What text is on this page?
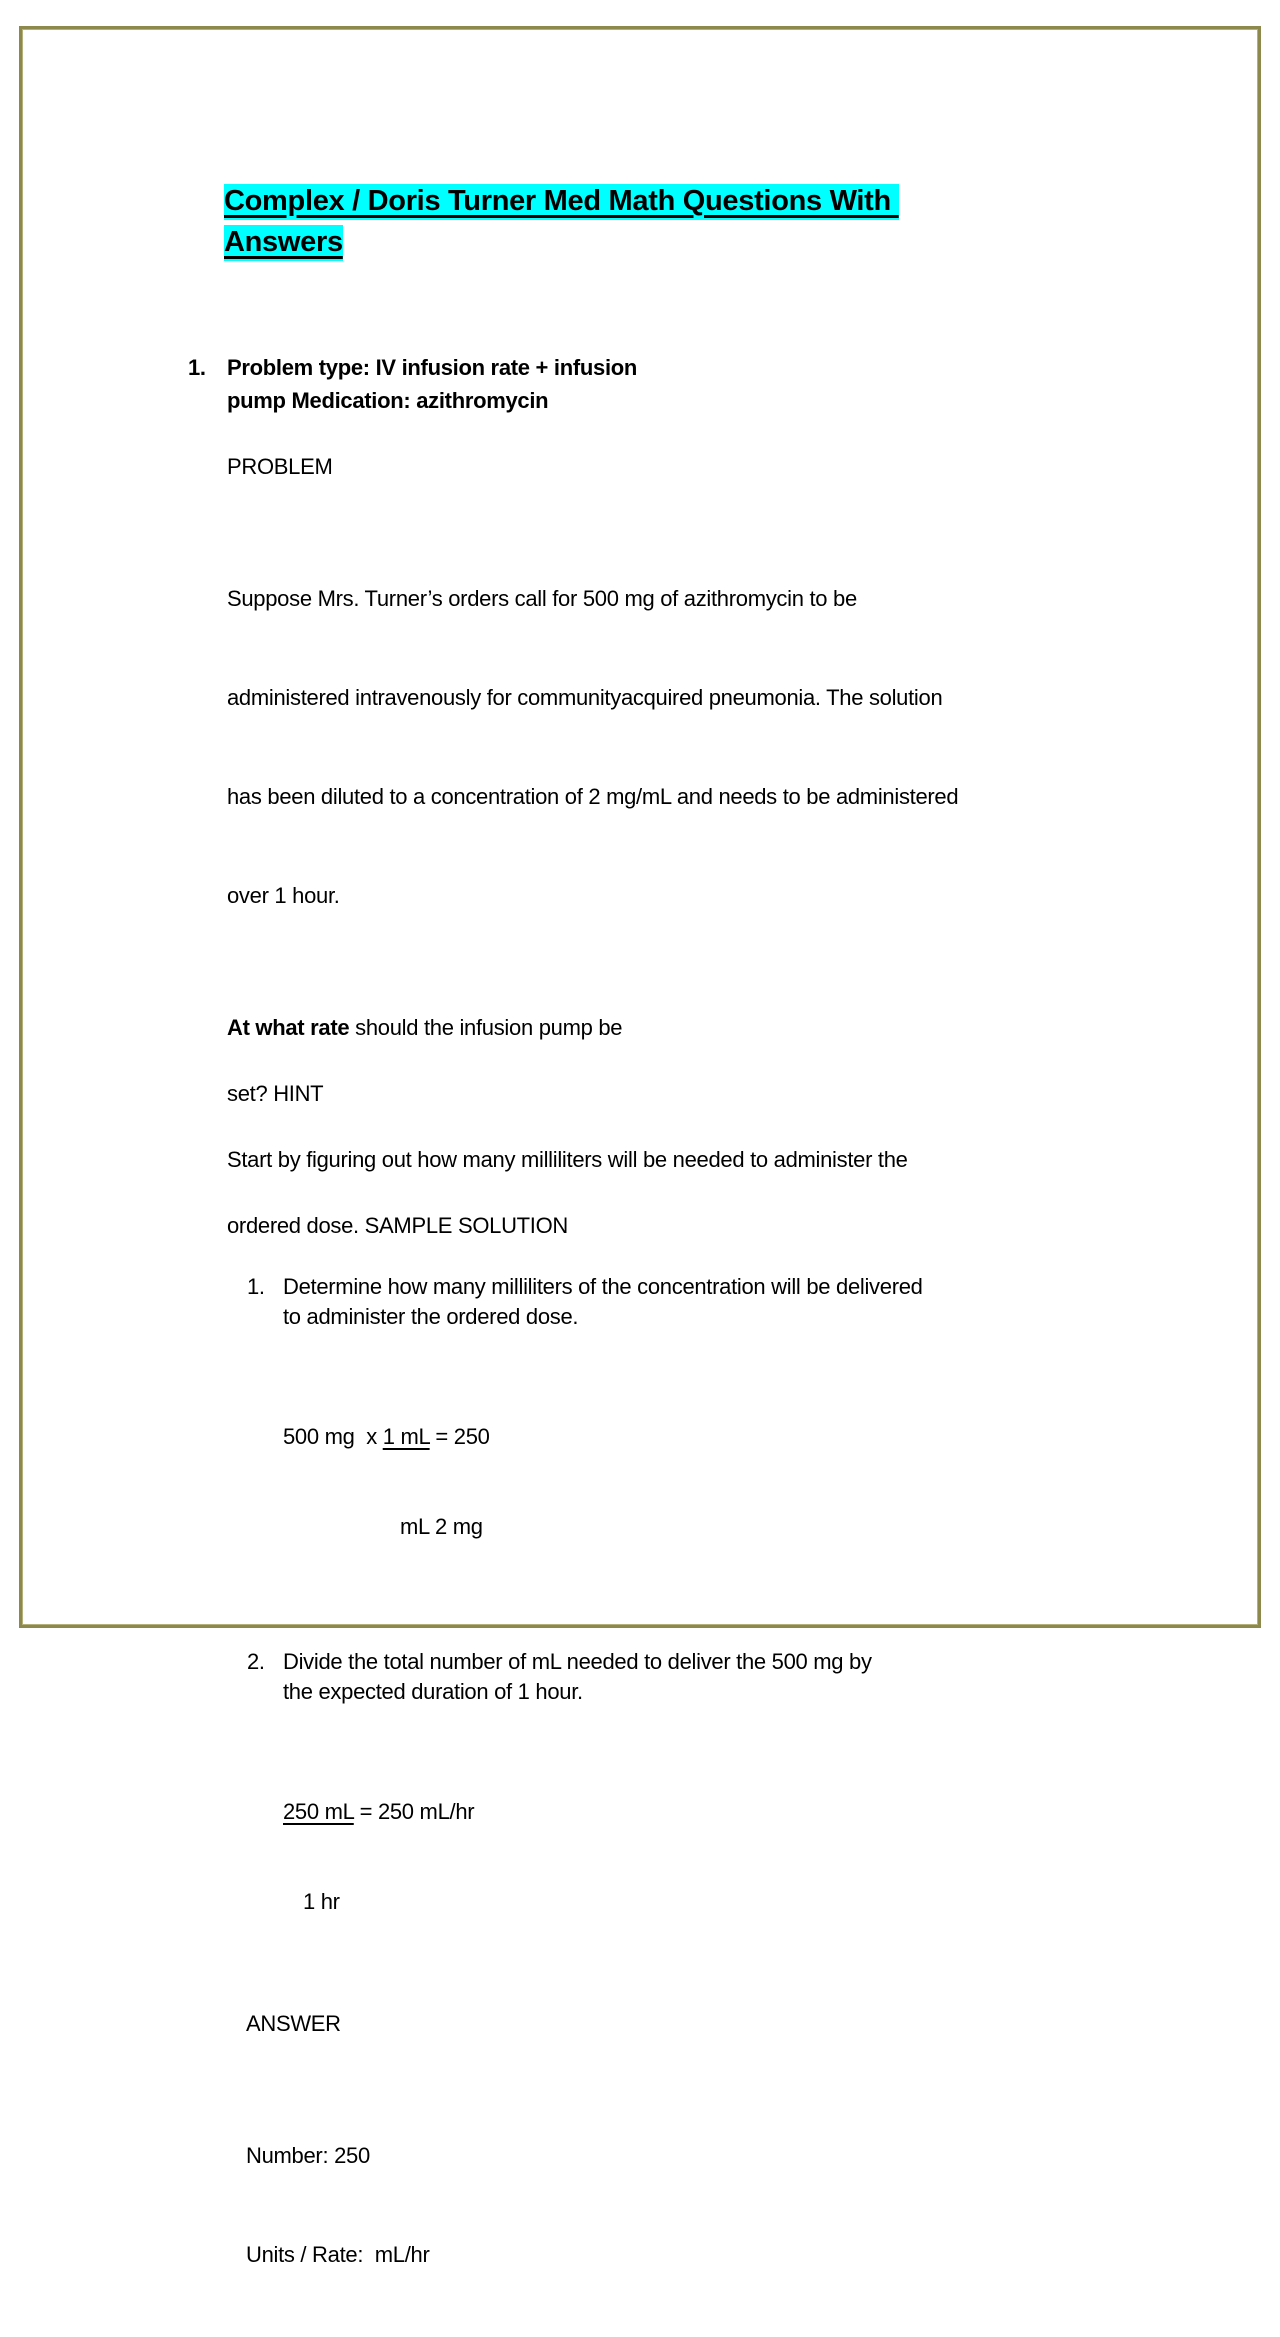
Complex / Doris Turner Med Math Questions With
Answers
1. Problem type: IV infusion rate + infusion
pump Medication: azithromycin
PROBLEM

Suppose Mrs. Turner’s orders call for 500 mg of azithromycin to be

administered intravenously for communityacquired pneumonia. The solution

has been diluted to a concentration of 2 mg/mL and needs to be administered

over 1 hour.

At what rate should the infusion pump be
set? HINT
Start by figuring out how many milliliters will be needed to administer the
ordered dose. SAMPLE SOLUTION
1. Determine how many milliliters of the concentration will be delivered
to administer the ordered dose.

500 mg  x 1 mL = 250

mL 2 mg

2. Divide the total number of mL needed to deliver the 500 mg by
the expected duration of 1 hour.

250 mL = 250 mL/hr

1 hr

ANSWER

Number: 250

Units / Rate:  mL/hr
